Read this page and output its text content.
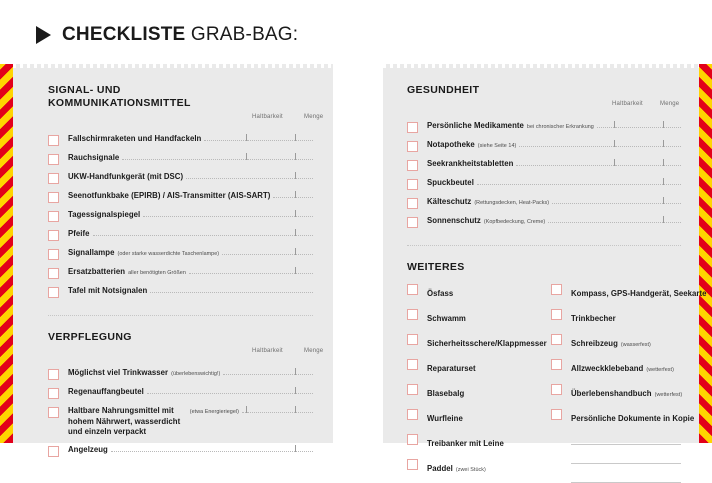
CHECKLISTE GRAB-BAG:
SIGNAL- UND
KOMMUNIKATIONSMITTEL
Haltbarkeit	Menge
Fallschirmraketen und Handfackeln
Rauchsignale
UKW-Handfunkgerät (mit DSC)
Seenotfunkbake (EPIRB) / AIS-Transmitter (AIS-SART)
Tagessignalspiegel
Pfeife
Signallampe (oder starke wasserdichte Taschenlampe)
Ersatzbatterien aller benötigten Größen
Tafel mit Notsignalen
VERPFLEGUNG
Haltbarkeit	Menge
Möglichst viel Trinkwasser (überlebenswichtig!)
Regenauffangbeutel
Haltbare Nahrungsmittel mit hohem Nährwert, wasserdicht und einzeln verpackt
(etwa Energieriegel)
Angelzeug
GESUNDHEIT
Haltbarkeit	Menge
Persönliche Medikamente bei chronischer Erkrankung
Notapotheke (siehe Seite 14)
Seekrankheitstabletten
Spuckbeutel
Kälteschutz (Rettungsdecken, Heat-Packs)
Sonnenschutz (Kopfbedeckung, Creme)
WEITERES
Ösfass
Schwamm
Sicherheitsschere/Klappmesser
Reparaturset
Blasebalg
Wurfleine
Treibanker mit Leine
Paddel (zwei Stück)
Kompass, GPS-Handgerät, Seekarte
Trinkbecher
Schreibzeug (wasserfest)
Allzweckklebeband (wetterfest)
Überlebenshandbuch (wetterfest)
Persönliche Dokumente in Kopie
